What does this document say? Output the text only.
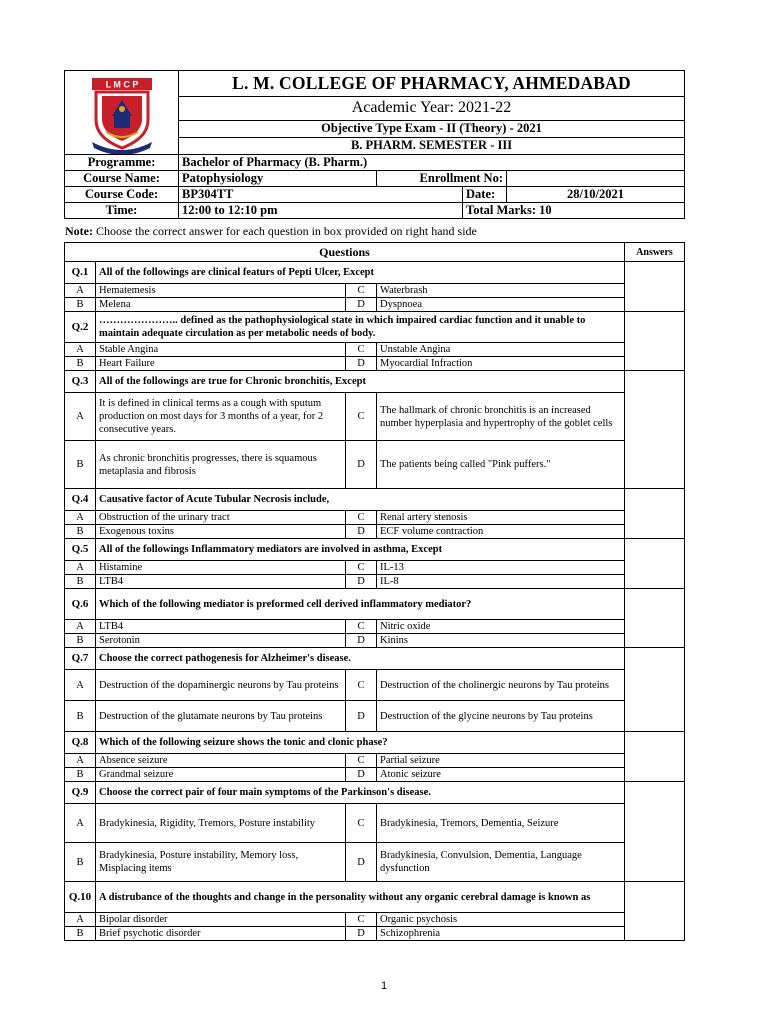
L M C P	L. M. COLLEGE OF PHARMACY, AHMEDABAD			
	Academic Year: 2021-22			
	Objective Type Exam - II (Theory) - 2021			
	B. PHARM. SEMESTER - III			
Programme:	Bachelor of Pharmacy (B. Pharm.)			
Course Name:	Patophysiology	Enrollment No:		
Course Code:	BP304TT		Date:	28/10/2021
Time:	12:00 to 12:10 pm		Total Marks: 10	
Note: Choose the correct answer for each question in box provided on right hand side
Questions				Answers
Q.1	All of the followings are clinical featurs of Pepti Ulcer, Except			
A	Hematemesis	C	Waterbrash	
B	Melena	D	Dyspnoea	
Q.2	………………….. defined as the pathophysiological state in which impaired cardiac function and it unable to maintain adequate circulation as per metabolic needs of body.			
A	Stable Angina	C	Unstable Angina	
B	Heart Failure	D	Myocardial Infraction	
Q.3	All of the followings are true for Chronic bronchitis, Except			
A	It is defined in clinical terms as a cough with sputum production on most days for 3 months of a year, for 2 consecutive years.	C	The hallmark of chronic bronchitis is an increased number hyperplasia and hypertrophy of the goblet cells	
B	As chronic bronchitis progresses, there is squamous metaplasia and fibrosis	D	The patients being called "Pink puffers."	
Q.4	Causative factor of Acute Tubular Necrosis include,			
A	Obstruction of the urinary tract	C	Renal artery stenosis	
B	Exogenous toxins	D	ECF volume contraction	
Q.5	All of the followings Inflammatory mediators are involved in asthma, Except			
A	Histamine	C	IL-13	
B	LTB4	D	IL-8	
Q.6	Which of the following mediator is preformed cell derived inflammatory mediator?			
A	LTB4	C	Nitric oxide	
B	Serotonin	D	Kinins	
Q.7	Choose the correct pathogenesis for Alzheimer's disease.			
A	Destruction of the dopaminergic neurons by Tau proteins	C	Destruction of the cholinergic neurons by Tau proteins	
B	Destruction of the glutamate neurons by Tau proteins	D	Destruction of the glycine neurons by Tau proteins	
Q.8	Which of the following seizure shows the tonic and clonic phase?			
A	Absence seizure	C	Partial seizure	
B	Grandmal seizure	D	Atonic seizure	
Q.9	Choose the correct pair of four main symptoms of the Parkinson's disease.			
A	Bradykinesia, Rigidity, Tremors, Posture instability	C	Bradykinesia, Tremors, Dementia, Seizure	
B	Bradykinesia, Posture instability, Memory loss, Misplacing items	D	Bradykinesia, Convulsion, Dementia, Language dysfunction	
Q.10	A distrubance of the thoughts and change in the personality without any organic cerebral damage is known as			
A	Bipolar disorder	C	Organic psychosis	
B	Brief psychotic disorder	D	Schizophrenia	
1
